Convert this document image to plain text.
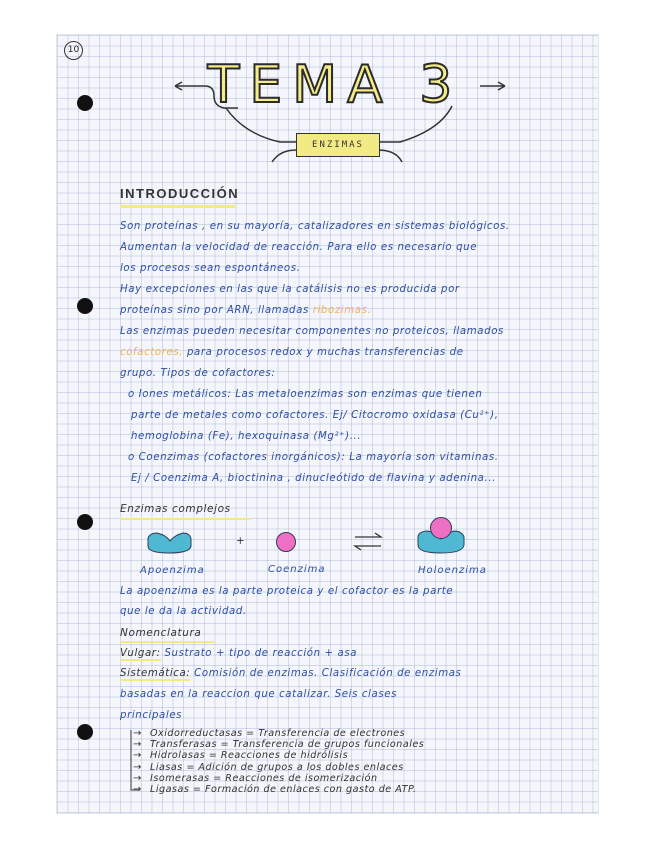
10
TEMA 3
ENZIMAS
INTRODUCCIÓN
Son proteínas , en su mayoría, catalizadores en sistemas biológicos.
Aumentan la velocidad de reacción. Para ello es necesario que
los procesos sean espontáneos.
Hay excepciones en las que la catálisis no es producida por
proteínas sino por ARN, llamadas ribozimas.
Las enzimas pueden necesitar componentes no proteicos, llamados
cofactores, para procesos redox y muchas transferencias de
grupo. Tipos de cofactores:
o Iones metálicos: Las metaloenzimas son enzimas que tienen
parte de metales como cofactores. Ej/ Citocromo oxidasa (Cu²⁺),
hemoglobina (Fe), hexoquinasa (Mg²⁺)...
o Coenzimas (cofactores inorgánicos): La mayoría son vitaminas.
Ej / Coenzima A, bioctinina , dinucleótido de flavina y adenina...
Enzimas complejos
+
Apoenzima	Coenzima	Holoenzima
La apoenzima es la parte proteica y el cofactor es la parte
que le da la actividad.
Nomenclatura
Vulgar: Sustrato + tipo de reacción + asa
Sistemática: Comisión de enzimas. Clasificación de enzimas
basadas en la reaccion que catalizar. Seis clases
principales
→ Oxidorreductasas = Transferencia de electrones
→ Transferasas = Transferencia de grupos funcionales
→ Hidrolasas = Reacciones de hidrólisis
→ Liasas = Adición de grupos a los dobles enlaces
→ Isomerasas = Reacciones de isomerización
→ Ligasas = Formación de enlaces con gasto de ATP.
